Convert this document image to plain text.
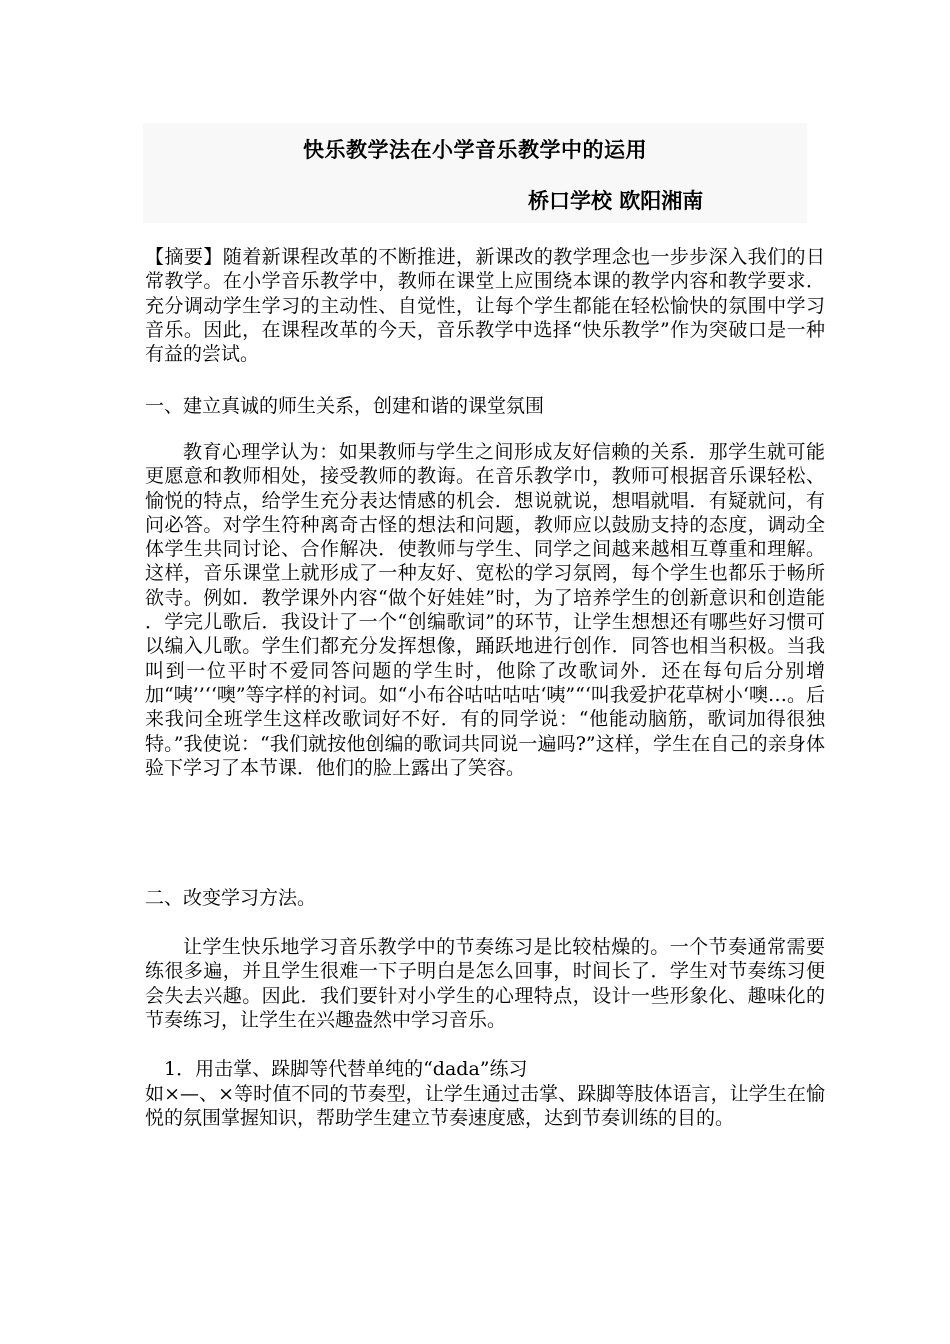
快乐教学法在小学音乐教学中的运用
桥口学校 欧阳湘南
【摘要】随着新课程改革的不断推进，新课改的教学理念也一步步深入我们的日常教学。在小学音乐教学中，教师在课堂上应围绕本课的教学内容和教学要求．充分调动学生学习的主动性、自觉性，让每个学生都能在轻松愉快的氛围中学习音乐。因此，在课程改革的今天，音乐教学中选择“快乐教学”作为突破口是一种有益的尝试。
一、建立真诚的师生关系，创建和谐的课堂氛围
教育心理学认为：如果教师与学生之间形成友好信赖的关系．那学生就可能更愿意和教师相处，接受教师的教诲。在音乐教学巾，教师可根据音乐课轻松、愉悦的特点，给学生充分表达情感的机会．想说就说，想唱就唱．有疑就问，有问必答。对学生符种离奇古怪的想法和问题，教师应以鼓励支持的态度，调动全体学生共同讨论、合作解决．使教师与学生、同学之间越来越相互尊重和理解。这样，音乐课堂上就形成了一种友好、宽松的学习氛罔，每个学生也都乐于畅所欲寺。例如．教学课外内容“做个好娃娃”时，为了培养学生的创新意识和创造能 ．学完儿歌后．我设计了一个“创编歌词”的环节，让学生想想还有哪些好习惯可以编入儿歌。学生们都充分发挥想像，踊跃地进行创作．同答也相当积极。当我叫到一位平时不爱同答问题的学生时，他除了改歌词外．还在每句后分别增加“咦’’‘‘噢”等字样的衬词。如“小布谷咕咕咕咕‘咦”“‘叫我爱护花草树小‘噢…。后来我问全班学生这样改歌词好不好．有的同学说：“他能动脑筋，歌词加得很独特。”我使说：“我们就按他创编的歌词共同说一遍吗?”这样，学生在自己的亲身体验下学习了本节课．他们的脸上露出了笑容。
二、改变学习方法。
让学生快乐地学习音乐教学中的节奏练习是比较枯燥的。一个节奏通常需要练很多遍，并且学生很难一下子明白是怎么回事，时间长了．学生对节奏练习便会失去兴趣。因此．我们要针对小学生的心理特点，设计一些形象化、趣味化的节奏练习，让学生在兴趣盎然中学习音乐。
　1．用击掌、跺脚等代替单纯的“dada”练习
如×—、×等时值不同的节奏型，让学生通过击掌、跺脚等肢体语言，让学生在愉悦的氛围掌握知识，帮助学生建立节奏速度感，达到节奏训练的目的。
